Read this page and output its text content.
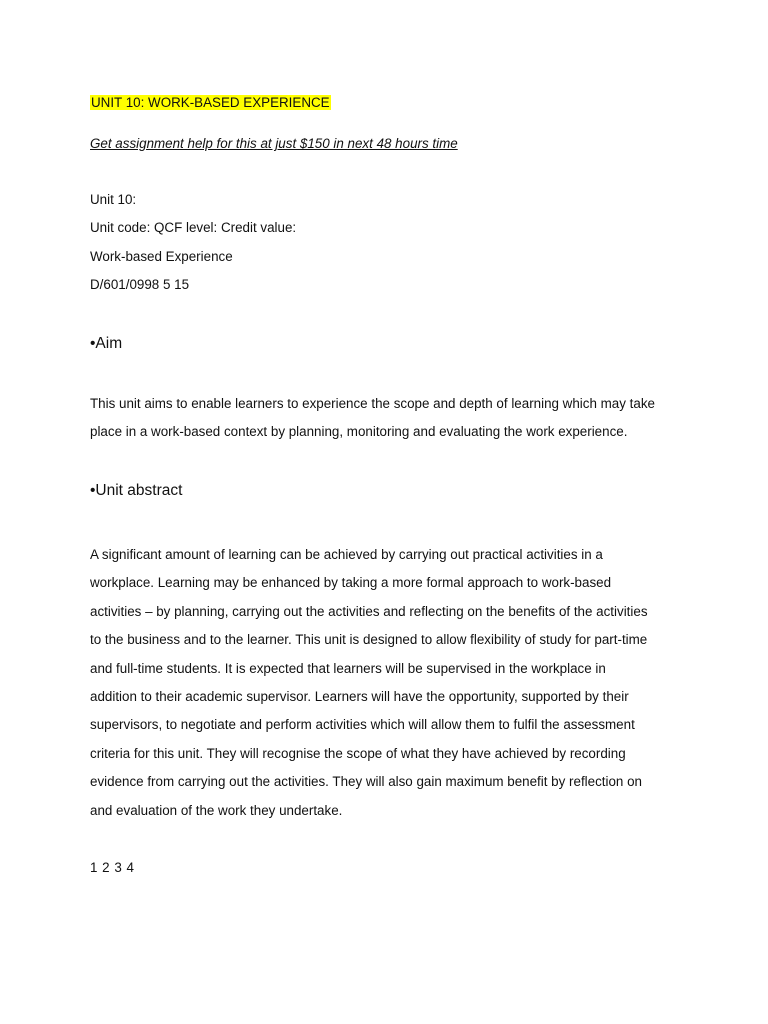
UNIT 10: WORK-BASED EXPERIENCE
Get assignment help for this at just $150 in next 48 hours time
Unit 10:
Unit code: QCF level: Credit value:
Work-based Experience
D/601/0998 5 15
•Aim
This unit aims to enable learners to experience the scope and depth of learning which may take
place in a work-based context by planning, monitoring and evaluating the work experience.
•Unit abstract
A significant amount of learning can be achieved by carrying out practical activities in a
workplace. Learning may be enhanced by taking a more formal approach to work-based
activities – by planning, carrying out the activities and reflecting on the benefits of the activities
to the business and to the learner. This unit is designed to allow flexibility of study for part-time
and full-time students. It is expected that learners will be supervised in the workplace in
addition to their academic supervisor. Learners will have the opportunity, supported by their
supervisors, to negotiate and perform activities which will allow them to fulfil the assessment
criteria for this unit. They will recognise the scope of what they have achieved by recording
evidence from carrying out the activities. They will also gain maximum benefit by reflection on
and evaluation of the work they undertake.
1 2 3 4
